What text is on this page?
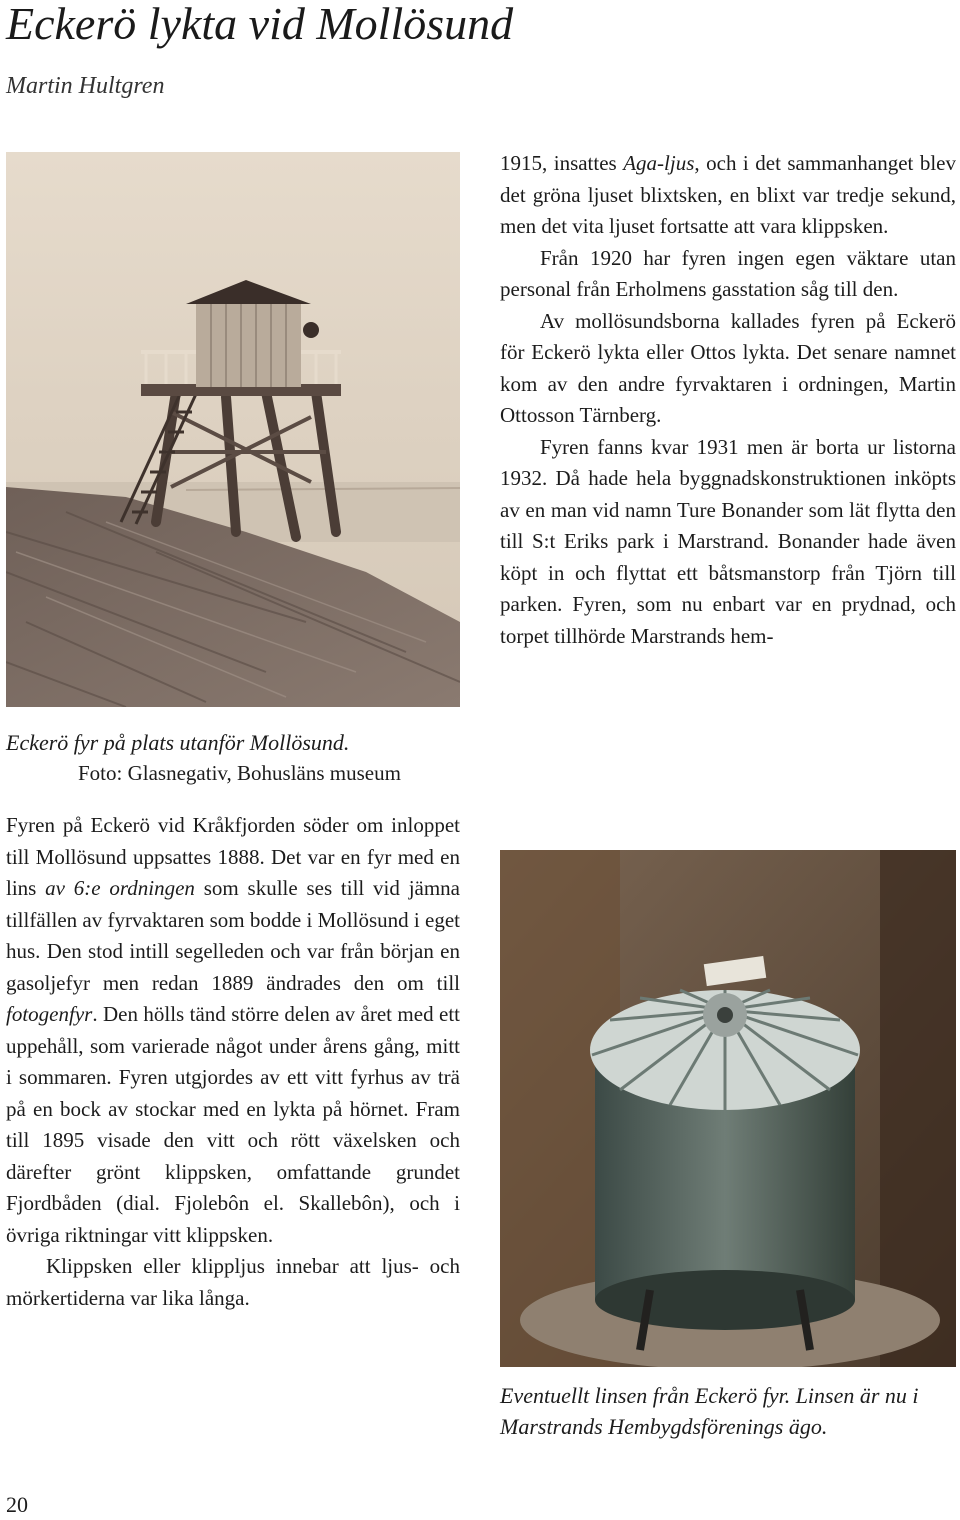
Eckerö lykta vid Mollösund
Martin Hultgren
Eckerö fyr på plats utanför Mollösund.
Foto: Glasnegativ, Bohusläns museum

Fyren på Eckerö vid Kråkfjorden söder om inloppet till Mollösund uppsattes 1888. Det var en fyr med en lins av 6:e ordningen som skulle ses till vid jämna tillfällen av fyrvaktaren som bodde i Mollösund i eget hus. Den stod intill segelleden och var från början en gasoljefyr men redan 1889 ändrades den om till fotogenfyr. Den hölls tänd större delen av året med ett uppehåll, som varierade något under årens gång, mitt i sommaren. Fyren utgjordes av ett vitt fyrhus av trä på en bock av stockar med en lykta på hörnet. Fram till 1895 visade den vitt och rött växelsken och därefter grönt klippsken, omfattande grundet Fjordbåden (dial. Fjolebôn el. Skallebôn), och i övriga riktningar vitt klippsken.

Klippsken eller klippljus innebar att ljus- och mörkertiderna var lika långa.

1915, insattes Aga-ljus, och i det sammanhanget blev det gröna ljuset blixtsken, en blixt var tredje sekund, men det vita ljuset fortsatte att vara klippsken.

Från 1920 har fyren ingen egen väktare utan personal från Erholmens gasstation såg till den.

Av mollösundsborna kallades fyren på Eckerö för Eckerö lykta eller Ottos lykta. Det senare namnet kom av den andre fyrvaktaren i ordningen, Martin Ottosson Tärnberg.

Fyren fanns kvar 1931 men är borta ur listorna 1932. Då hade hela byggnadskonstruktionen inköpts av en man vid namn Ture Bonander som lät flytta den till S:t Eriks park i Marstrand. Bonander hade även köpt in och flyttat ett båtsmanstorp från Tjörn till parken. Fyren, som nu enbart var en prydnad, och torpet tillhörde Marstrands hem-

Eventuellt linsen från Eckerö fyr. Linsen är nu i Marstrands Hembygdsförenings ägo.
20
